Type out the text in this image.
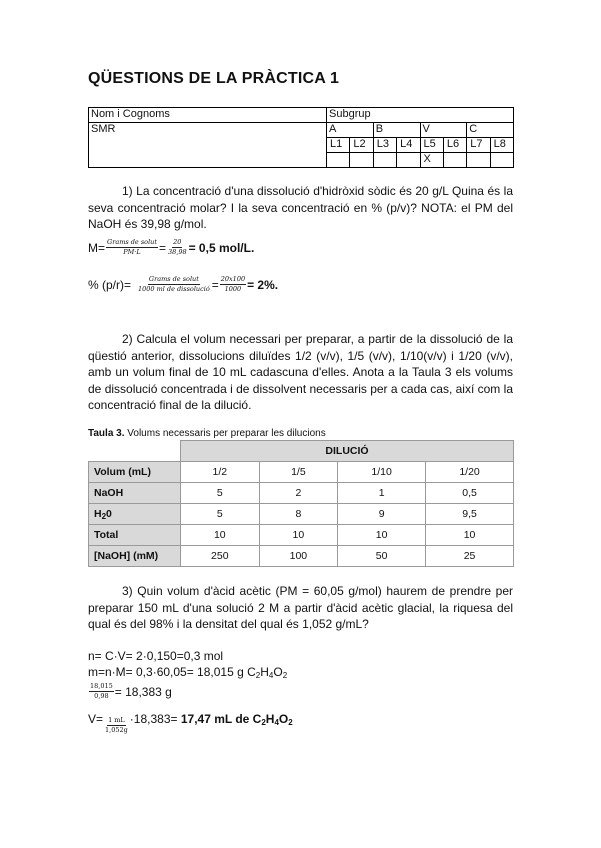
QÜESTIONS DE LA PRÀCTICA 1
Nom i Cognoms	Subgrup							
SMR	A		B		V		C	
	L1	L2	L3	L4	L5	L6	L7	L8
					X			
1) La concentració d'una dissolució d'hidròxid sòdic és 20 g/L Quina és la seva concentració molar? I la seva concentració en % (p/v)? NOTA: el PM del NaOH és 39,98 g/mol.
$M= \frac{\text{Grams de solut}}{PM\cdot L} = \frac{20}{38,98} = 0,5$ mol/L.
% $(p/r)= \frac{\text{Grams de solut}}{\text{1000 ml de dissolució}} = \frac{20x100}{1000} = 2\%$.
2) Calcula el volum necessari per preparar, a partir de la dissolució de la qüestió anterior, dissolucions diluïdes 1/2 (v/v), 1/5 (v/v), 1/10(v/v) i 1/20 (v/v), amb un volum final de 10 mL cadascuna d'elles. Anota a la Taula 3 els volums de dissolució concentrada i de dissolvent necessaris per a cada cas, així com la concentració final de la dilució.
Taula 3. Volums necessaris per preparar les dilucions
	DILUCIÓ			
Volum (mL)	1/2	1/5	1/10	1/20
NaOH	5	2	1	0,5
$H_20$	5	8	9	9,5
Total	10	10	10	10
[NaOH] (mM)	250	100	50	25
3) Quin volum d'àcid acètic (PM = 60,05 g/mol) haurem de prendre per preparar 150 mL d'una solució 2 M a partir d'àcid acètic glacial, la riquesa del qual és del 98% i la densitat del qual és 1,052 g/mL?
n= C·V= 2·0,150=0,3 mol
m=n·M= 0,3·60,05= 18,015 g $C_2H_4O_2$
$\frac{18,015}{0,98} = 18,383$ g
$V= \frac{1 mL}{1,052g} \cdot 18,383=$
17,47 mL de $C_2H_4O_2$
